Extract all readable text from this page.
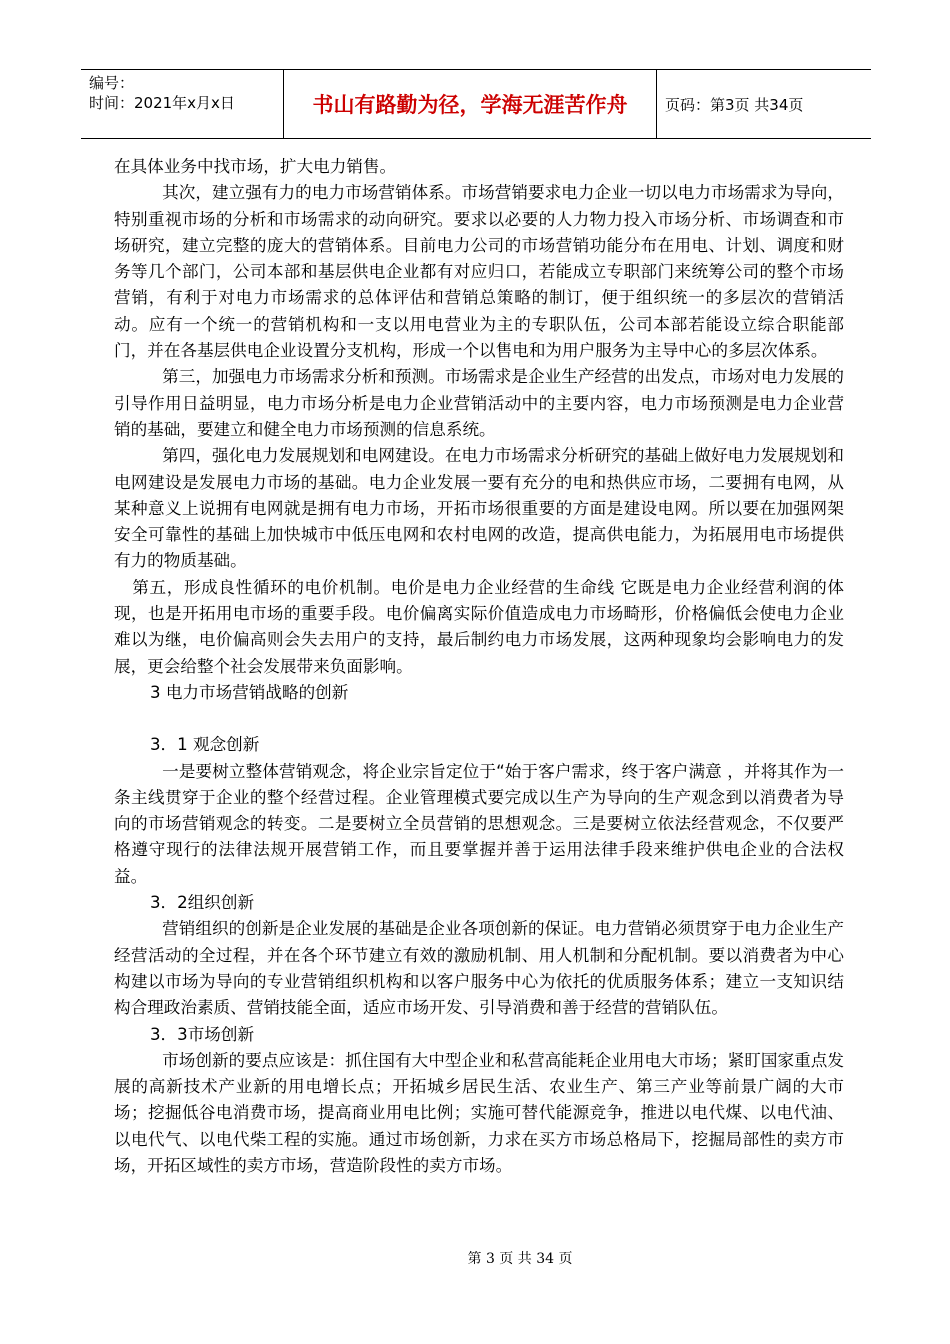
编号：
时间：2021年x月x日	书山有路勤为径，学海无涯苦作舟	页码：第3页 共34页

在具体业务中找市场，扩大电力销售。

其次，建立强有力的电力市场营销体系。市场营销要求电力企业一切以电力市场需求为导向，特别重视市场的分析和市场需求的动向研究。要求以必要的人力物力投入市场分析、市场调查和市场研究，建立完整的庞大的营销体系。目前电力公司的市场营销功能分布在用电、计划、调度和财务等几个部门，公司本部和基层供电企业都有对应归口，若能成立专职部门来统筹公司的整个市场营销，有利于对电力市场需求的总体评估和营销总策略的制订，便于组织统一的多层次的营销活动。应有一个统一的营销机构和一支以用电营业为主的专职队伍，公司本部若能设立综合职能部门，并在各基层供电企业设置分支机构，形成一个以售电和为用户服务为主导中心的多层次体系。

第三，加强电力市场需求分析和预测。市场需求是企业生产经营的出发点，市场对电力发展的引导作用日益明显，电力市场分析是电力企业营销活动中的主要内容，电力市场预测是电力企业营销的基础，要建立和健全电力市场预测的信息系统。

第四，强化电力发展规划和电网建设。在电力市场需求分析研究的基础上做好电力发展规划和电网建设是发展电力市场的基础。电力企业发展一要有充分的电和热供应市场，二要拥有电网，从某种意义上说拥有电网就是拥有电力市场，开拓市场很重要的方面是建设电网。所以要在加强网架安全可靠性的基础上加快城市中低压电网和农村电网的改造，提高供电能力，为拓展用电市场提供有力的物质基础。

第五，形成良性循环的电价机制。电价是电力企业经营的生命线 它既是电力企业经营利润的体现，也是开拓用电市场的重要手段。电价偏离实际价值造成电力市场畸形，价格偏低会使电力企业难以为继，电价偏高则会失去用户的支持，最后制约电力市场发展，这两种现象均会影响电力的发展，更会给整个社会发展带来负面影响。

3 电力市场营销战略的创新

3．1 观念创新

一是要树立整体营销观念，将企业宗旨定位于“始于客户需求，终于客户满意 ，并将其作为一条主线贯穿于企业的整个经营过程。企业管理模式要完成以生产为导向的生产观念到以消费者为导向的市场营销观念的转变。二是要树立全员营销的思想观念。三是要树立依法经营观念，不仅要严格遵守现行的法律法规开展营销工作，而且要掌握并善于运用法律手段来维护供电企业的合法权益。

3．2组织创新

营销组织的创新是企业发展的基础是企业各项创新的保证。电力营销必须贯穿于电力企业生产经营活动的全过程，并在各个环节建立有效的激励机制、用人机制和分配机制。要以消费者为中心构建以市场为导向的专业营销组织机构和以客户服务中心为依托的优质服务体系；建立一支知识结构合理政治素质、营销技能全面，适应市场开发、引导消费和善于经营的营销队伍。

3．3市场创新

市场创新的要点应该是：抓住国有大中型企业和私营高能耗企业用电大市场；紧盯国家重点发展的高新技术产业新的用电增长点；开拓城乡居民生活、农业生产、第三产业等前景广阔的大市场；挖掘低谷电消费市场，提高商业用电比例；实施可替代能源竞争，推进以电代煤、以电代油、以电代气、以电代柴工程的实施。通过市场创新，力求在买方市场总格局下，挖掘局部性的卖方市场，开拓区域性的卖方市场，营造阶段性的卖方市场。

第 3 页 共 34 页
